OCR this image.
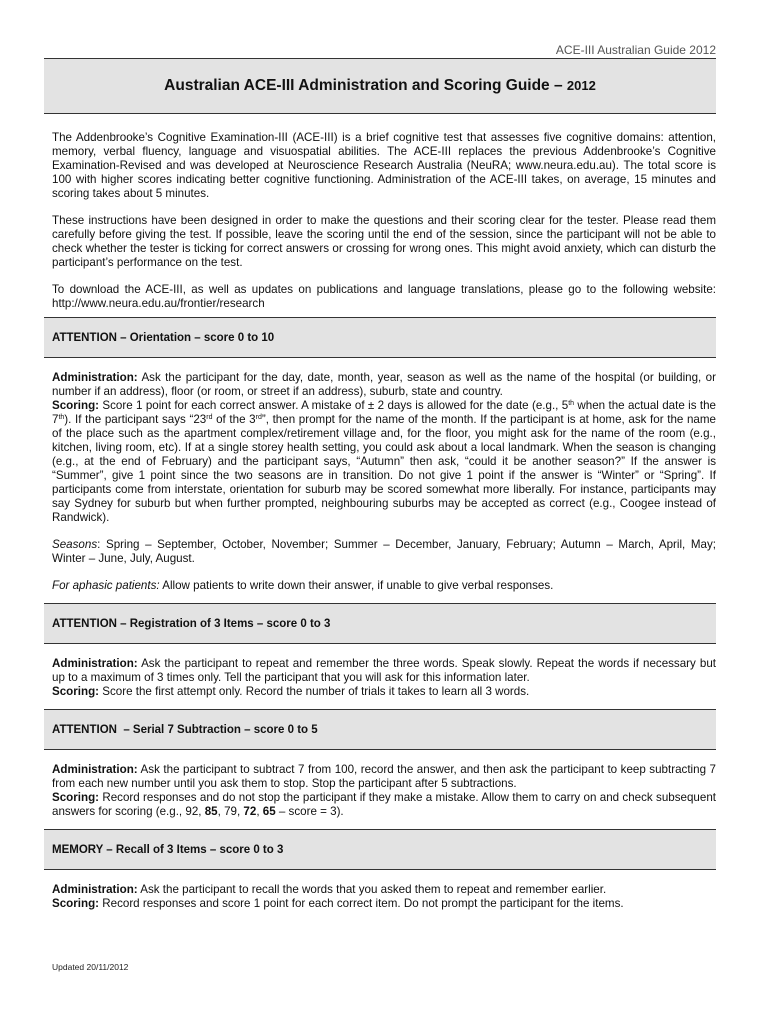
ACE-III Australian Guide 2012
Australian ACE-III Administration and Scoring Guide – 2012

The Addenbrooke’s Cognitive Examination-III (ACE-III) is a brief cognitive test that assesses five cognitive domains: attention, memory, verbal fluency, language and visuospatial abilities. The ACE-III replaces the previous Addenbrooke’s Cognitive Examination-Revised and was developed at Neuroscience Research Australia (NeuRA; www.neura.edu.au). The total score is 100 with higher scores indicating better cognitive functioning. Administration of the ACE-III takes, on average, 15 minutes and scoring takes about 5 minutes.

These instructions have been designed in order to make the questions and their scoring clear for the tester. Please read them carefully before giving the test. If possible, leave the scoring until the end of the session, since the participant will not be able to check whether the tester is ticking for correct answers or crossing for wrong ones. This might avoid anxiety, which can disturb the participant’s performance on the test.

To download the ACE-III, as well as updates on publications and language translations, please go to the following website: http://www.neura.edu.au/frontier/research

ATTENTION – Orientation – score 0 to 10

Administration: Ask the participant for the day, date, month, year, season as well as the name of the hospital (or building, or number if an address), floor (or room, or street if an address), suburb, state and country.
Scoring: Score 1 point for each correct answer. A mistake of ± 2 days is allowed for the date (e.g., 5th when the actual date is the 7th). If the participant says “23rd of the 3rd”, then prompt for the name of the month. If the participant is at home, ask for the name of the place such as the apartment complex/retirement village and, for the floor, you might ask for the name of the room (e.g., kitchen, living room, etc). If at a single storey health setting, you could ask about a local landmark. When the season is changing (e.g., at the end of February) and the participant says, “Autumn” then ask, “could it be another season?” If the answer is “Summer”, give 1 point since the two seasons are in transition. Do not give 1 point if the answer is “Winter” or “Spring”. If participants come from interstate, orientation for suburb may be scored somewhat more liberally. For instance, participants may say Sydney for suburb but when further prompted, neighbouring suburbs may be accepted as correct (e.g., Coogee instead of Randwick).

Seasons: Spring – September, October, November; Summer – December, January, February; Autumn – March, April, May; Winter – June, July, August.

For aphasic patients: Allow patients to write down their answer, if unable to give verbal responses.

ATTENTION – Registration of 3 Items – score 0 to 3

Administration: Ask the participant to repeat and remember the three words. Speak slowly. Repeat the words if necessary but up to a maximum of 3 times only. Tell the participant that you will ask for this information later.
Scoring: Score the first attempt only. Record the number of trials it takes to learn all 3 words.

ATTENTION  – Serial 7 Subtraction – score 0 to 5

Administration: Ask the participant to subtract 7 from 100, record the answer, and then ask the participant to keep subtracting 7 from each new number until you ask them to stop. Stop the participant after 5 subtractions.
Scoring: Record responses and do not stop the participant if they make a mistake. Allow them to carry on and check subsequent answers for scoring (e.g., 92, 85, 79, 72, 65 – score = 3).

MEMORY – Recall of 3 Items – score 0 to 3

Administration: Ask the participant to recall the words that you asked them to repeat and remember earlier.
Scoring: Record responses and score 1 point for each correct item. Do not prompt the participant for the items.

Updated 20/11/2012
